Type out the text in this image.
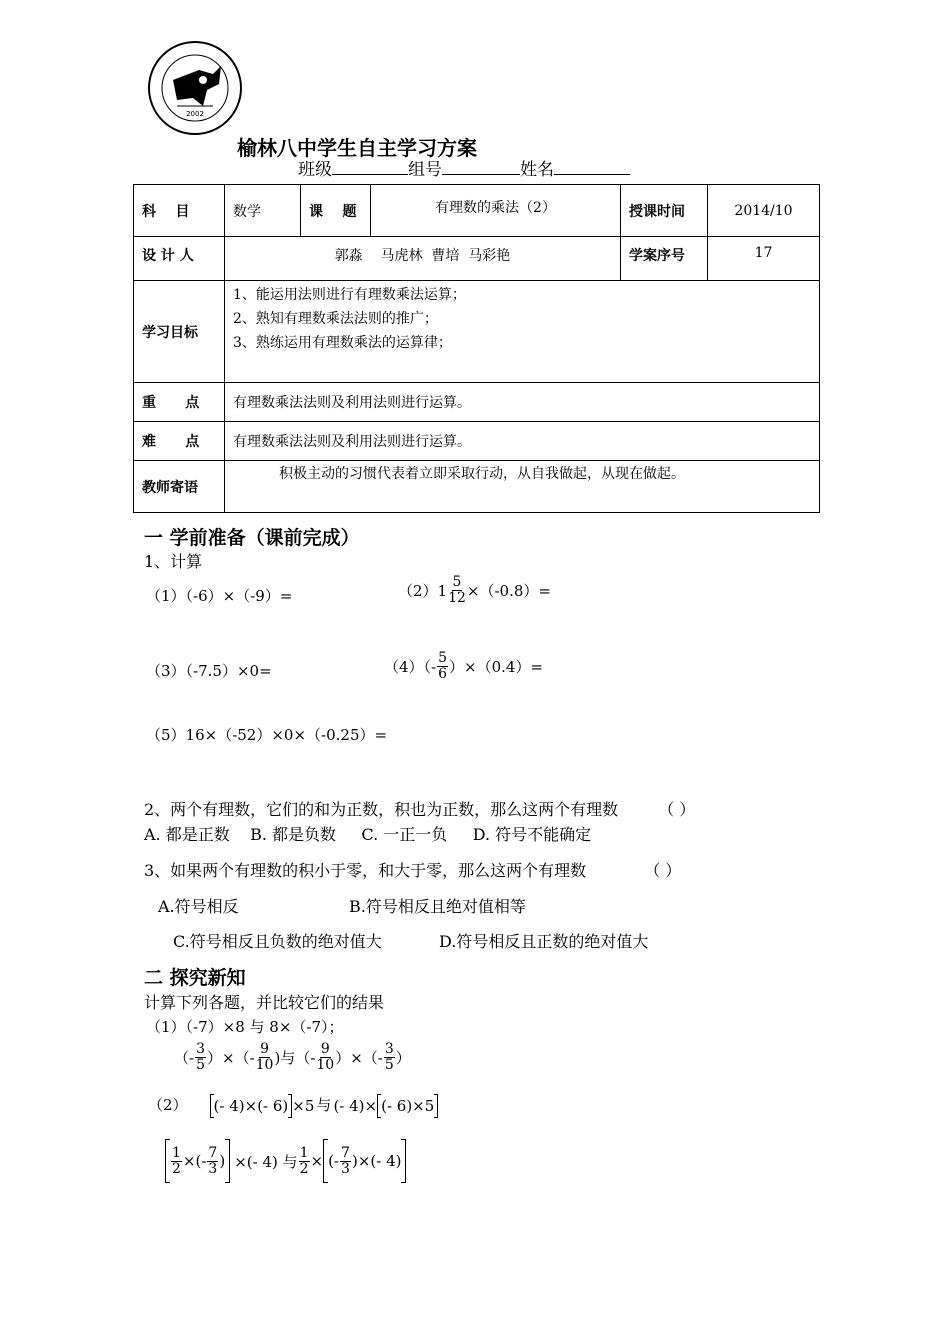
2002
榆林八中学生自主学习方案
班级	组号	姓名
科    目	数学	课    题	有理数的乘法（2）	授课时间	2014/10
设 计 人	郭淼    马虎林  曹培  马彩艳			学案序号	17
学习目标	1、能运用法则进行有理数乘法运算；
2、熟知有理数乘法法则的推广；
3、熟练运用有理数乘法的运算律；				

重      点	有理数乘法法则及利用法则进行运算。				
难      点	有理数乘法法则及利用法则进行运算。				
教师寄语	积极主动的习惯代表着立即采取行动，从自我做起，从现在做起。				
一 学前准备（课前完成）
1、计算
（1）（-6）×（-9）=	$(2)1 \frac{5}{12} \times(-0.8)=$
（3）（-7.5）×0=	$(4)(- \frac{5}{6} )\times(0.4)=$
（5）16×（-52）×0×（-0.25）=
2、两个有理数，它们的和为正数，积也为正数，那么这两个有理数	（ ）
A. 都是正数    B. 都是负数     C. 一正一负     D. 符号不能确定
3、如果两个有理数的积小于零，和大于零，那么这两个有理数	（ ）
A.符号相反	B.符号相反且绝对值相等
C.符号相反且负数的绝对值大	D.符号相反且正数的绝对值大
二 探究新知
计算下列各题，并比较它们的结果
（1）（-7）×8 与 8×（-7）；
（- $\frac{3}{5}$ ）×（- $\frac{9}{10}$ )与（- $\frac{9}{10}$ ）×（- $\frac{3}{5}$ ）
（2） (- 4)×(- 6) ×5 与 (- 4)× (- 6)×5
$\frac{1}{2}$ ×(- $\frac{7}{3}$ ) ×(- 4) 与 $\frac{1}{2}$ × (- $\frac{7}{3}$ )×(- 4)
